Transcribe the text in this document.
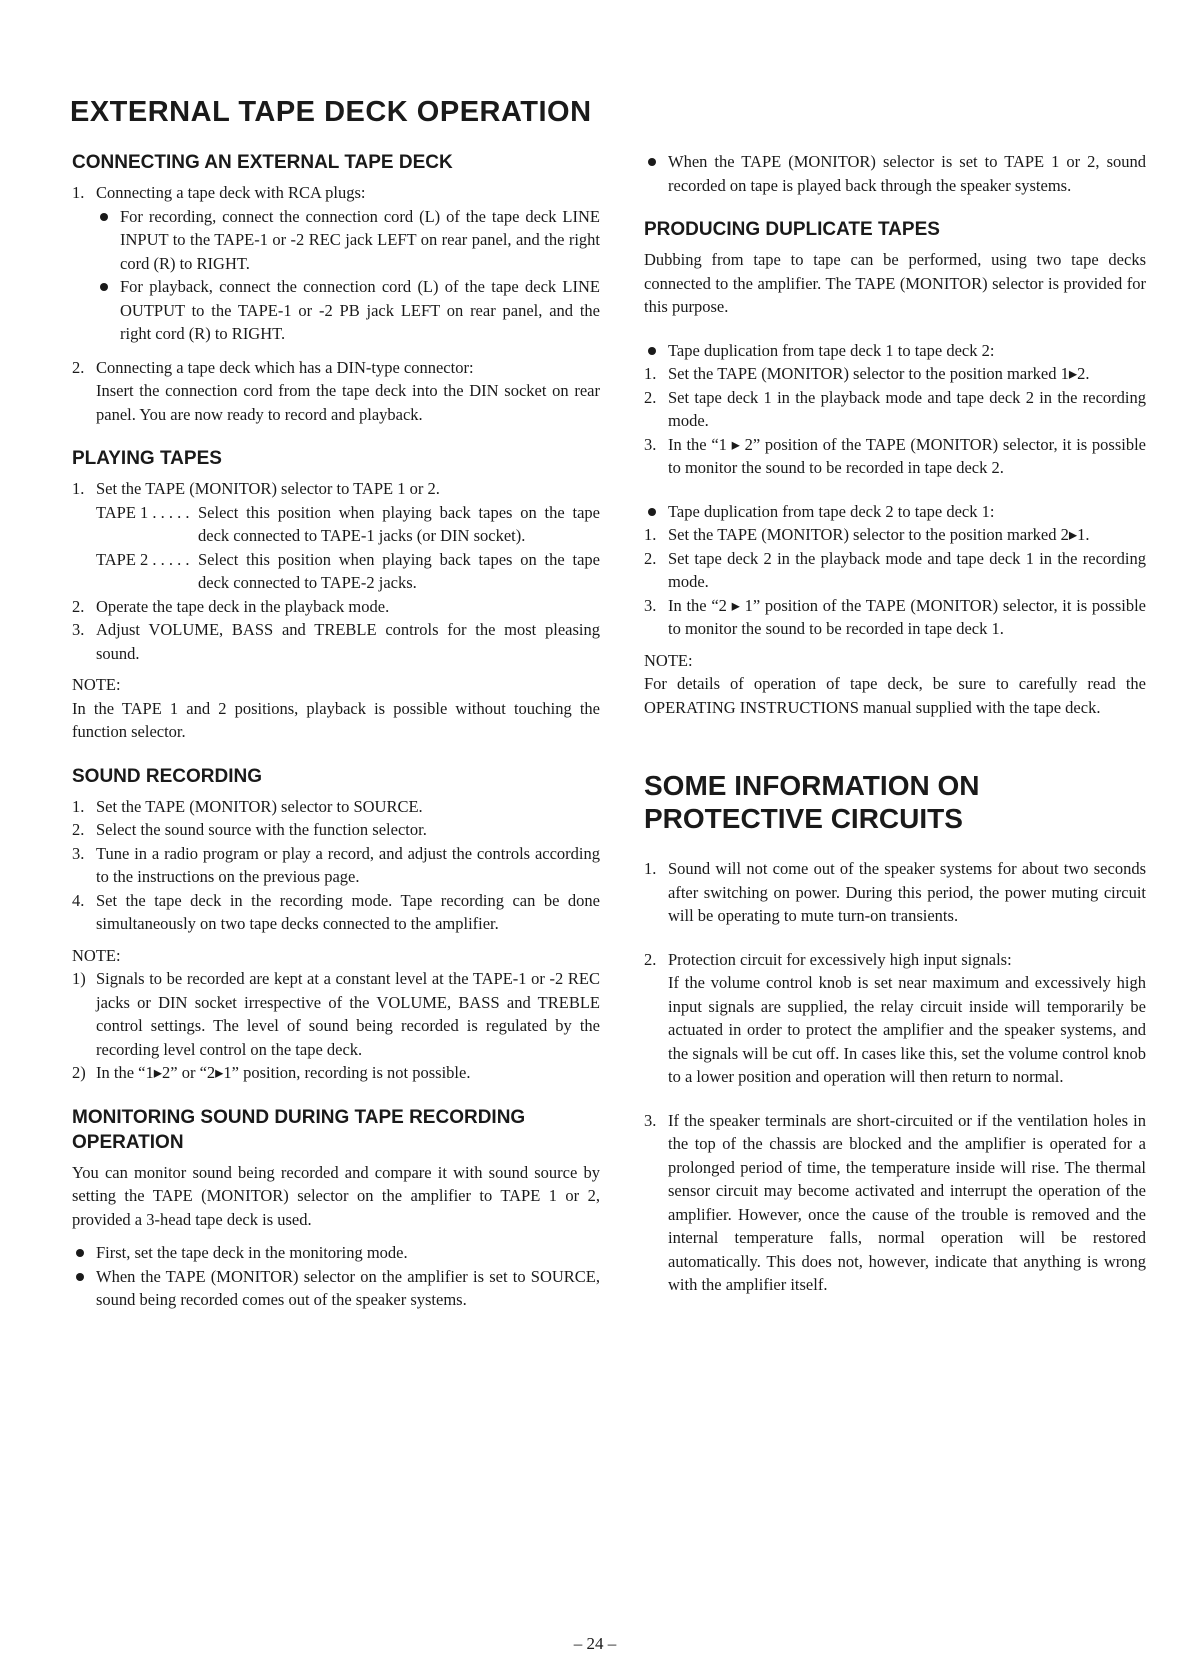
EXTERNAL TAPE DECK OPERATION
CONNECTING AN EXTERNAL TAPE DECK
1. Connecting a tape deck with RCA plugs:
For recording, connect the connection cord (L) of the tape deck LINE INPUT to the TAPE-1 or -2 REC jack LEFT on rear panel, and the right cord (R) to RIGHT.
For playback, connect the connection cord (L) of the tape deck LINE OUTPUT to the TAPE-1 or -2 PB jack LEFT on rear panel, and the right cord (R) to RIGHT.
2. Connecting a tape deck which has a DIN-type connector:
Insert the connection cord from the tape deck into the DIN socket on rear panel. You are now ready to record and playback.
PLAYING TAPES
1. Set the TAPE (MONITOR) selector to TAPE 1 or 2.
TAPE 1 . . . . . Select this position when playing back tapes on the tape deck connected to TAPE-1 jacks (or DIN socket).
TAPE 2 . . . . . Select this position when playing back tapes on the tape deck connected to TAPE-2 jacks.
2. Operate the tape deck in the playback mode.
3. Adjust VOLUME, BASS and TREBLE controls for the most pleasing sound.
NOTE:
In the TAPE 1 and 2 positions, playback is possible without touching the function selector.
SOUND RECORDING
1. Set the TAPE (MONITOR) selector to SOURCE.
2. Select the sound source with the function selector.
3. Tune in a radio program or play a record, and adjust the controls according to the instructions on the previous page.
4. Set the tape deck in the recording mode. Tape recording can be done simultaneously on two tape decks connected to the amplifier.
NOTE:
1) Signals to be recorded are kept at a constant level at the TAPE-1 or -2 REC jacks or DIN socket irrespective of the VOLUME, BASS and TREBLE control settings. The level of sound being recorded is regulated by the recording level control on the tape deck.
2) In the “1▸2” or “2▸1” position, recording is not possible.
MONITORING SOUND DURING TAPE RECORDING OPERATION
You can monitor sound being recorded and compare it with sound source by setting the TAPE (MONITOR) selector on the amplifier to TAPE 1 or 2, provided a 3-head tape deck is used.
First, set the tape deck in the monitoring mode.
When the TAPE (MONITOR) selector on the amplifier is set to SOURCE, sound being recorded comes out of the speaker systems.
When the TAPE (MONITOR) selector is set to TAPE 1 or 2, sound recorded on tape is played back through the speaker systems.
PRODUCING DUPLICATE TAPES
Dubbing from tape to tape can be performed, using two tape decks connected to the amplifier. The TAPE (MONITOR) selector is provided for this purpose.
Tape duplication from tape deck 1 to tape deck 2:
1. Set the TAPE (MONITOR) selector to the position marked 1▸2.
2. Set tape deck 1 in the playback mode and tape deck 2 in the recording mode.
3. In the “1 ▸ 2” position of the TAPE (MONITOR) selector, it is possible to monitor the sound to be recorded in tape deck 2.
Tape duplication from tape deck 2 to tape deck 1:
1. Set the TAPE (MONITOR) selector to the position marked 2▸1.
2. Set tape deck 2 in the playback mode and tape deck 1 in the recording mode.
3. In the “2 ▸ 1” position of the TAPE (MONITOR) selector, it is possible to monitor the sound to be recorded in tape deck 1.
NOTE:
For details of operation of tape deck, be sure to carefully read the OPERATING INSTRUCTIONS manual supplied with the tape deck.
SOME INFORMATION ON PROTECTIVE CIRCUITS
1. Sound will not come out of the speaker systems for about two seconds after switching on power. During this period, the power muting circuit will be operating to mute turn-on transients.
2. Protection circuit for excessively high input signals:
If the volume control knob is set near maximum and excessively high input signals are supplied, the relay circuit inside will temporarily be actuated in order to protect the amplifier and the speaker systems, and the signals will be cut off. In cases like this, set the volume control knob to a lower position and operation will then return to normal.
3. If the speaker terminals are short-circuited or if the ventilation holes in the top of the chassis are blocked and the amplifier is operated for a prolonged period of time, the temperature inside will rise. The thermal sensor circuit may become activated and interrupt the operation of the amplifier. However, once the cause of the trouble is removed and the internal temperature falls, normal operation will be restored automatically. This does not, however, indicate that anything is wrong with the amplifier itself.
– 24 –
